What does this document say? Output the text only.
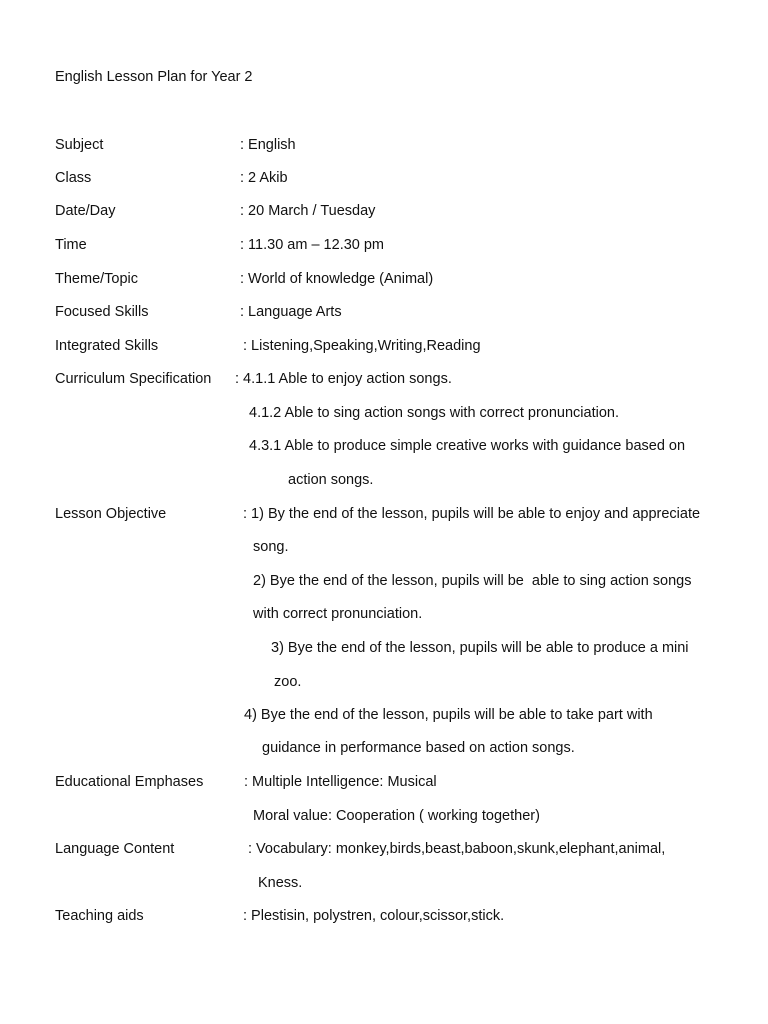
English Lesson Plan for Year 2
Subject	: English
Class	: 2 Akib
Date/Day	: 20 March / Tuesday
Time	: 11.30 am – 12.30 pm
Theme/Topic	: World of knowledge (Animal)
Focused Skills	: Language Arts
Integrated Skills	: Listening,Speaking,Writing,Reading
Curriculum Specification : 4.1.1 Able to enjoy action songs.
4.1.2 Able to sing action songs with correct pronunciation.
4.3.1 Able to produce simple creative works with guidance based on
action songs.
Lesson Objective	: 1) By the end of the lesson, pupils will be able to enjoy and appreciate
song.
2) Bye the end of the lesson, pupils will be  able to sing action songs
with correct pronunciation.
3) Bye the end of the lesson, pupils will be able to produce a mini
zoo.
4) Bye the end of the lesson, pupils will be able to take part with
guidance in performance based on action songs.
Educational Emphases	: Multiple Intelligence: Musical
Moral value: Cooperation ( working together)
Language Content	: Vocabulary: monkey,birds,beast,baboon,skunk,elephant,animal,
Kness.
Teaching aids	: Plestisin, polystren, colour,scissor,stick.
